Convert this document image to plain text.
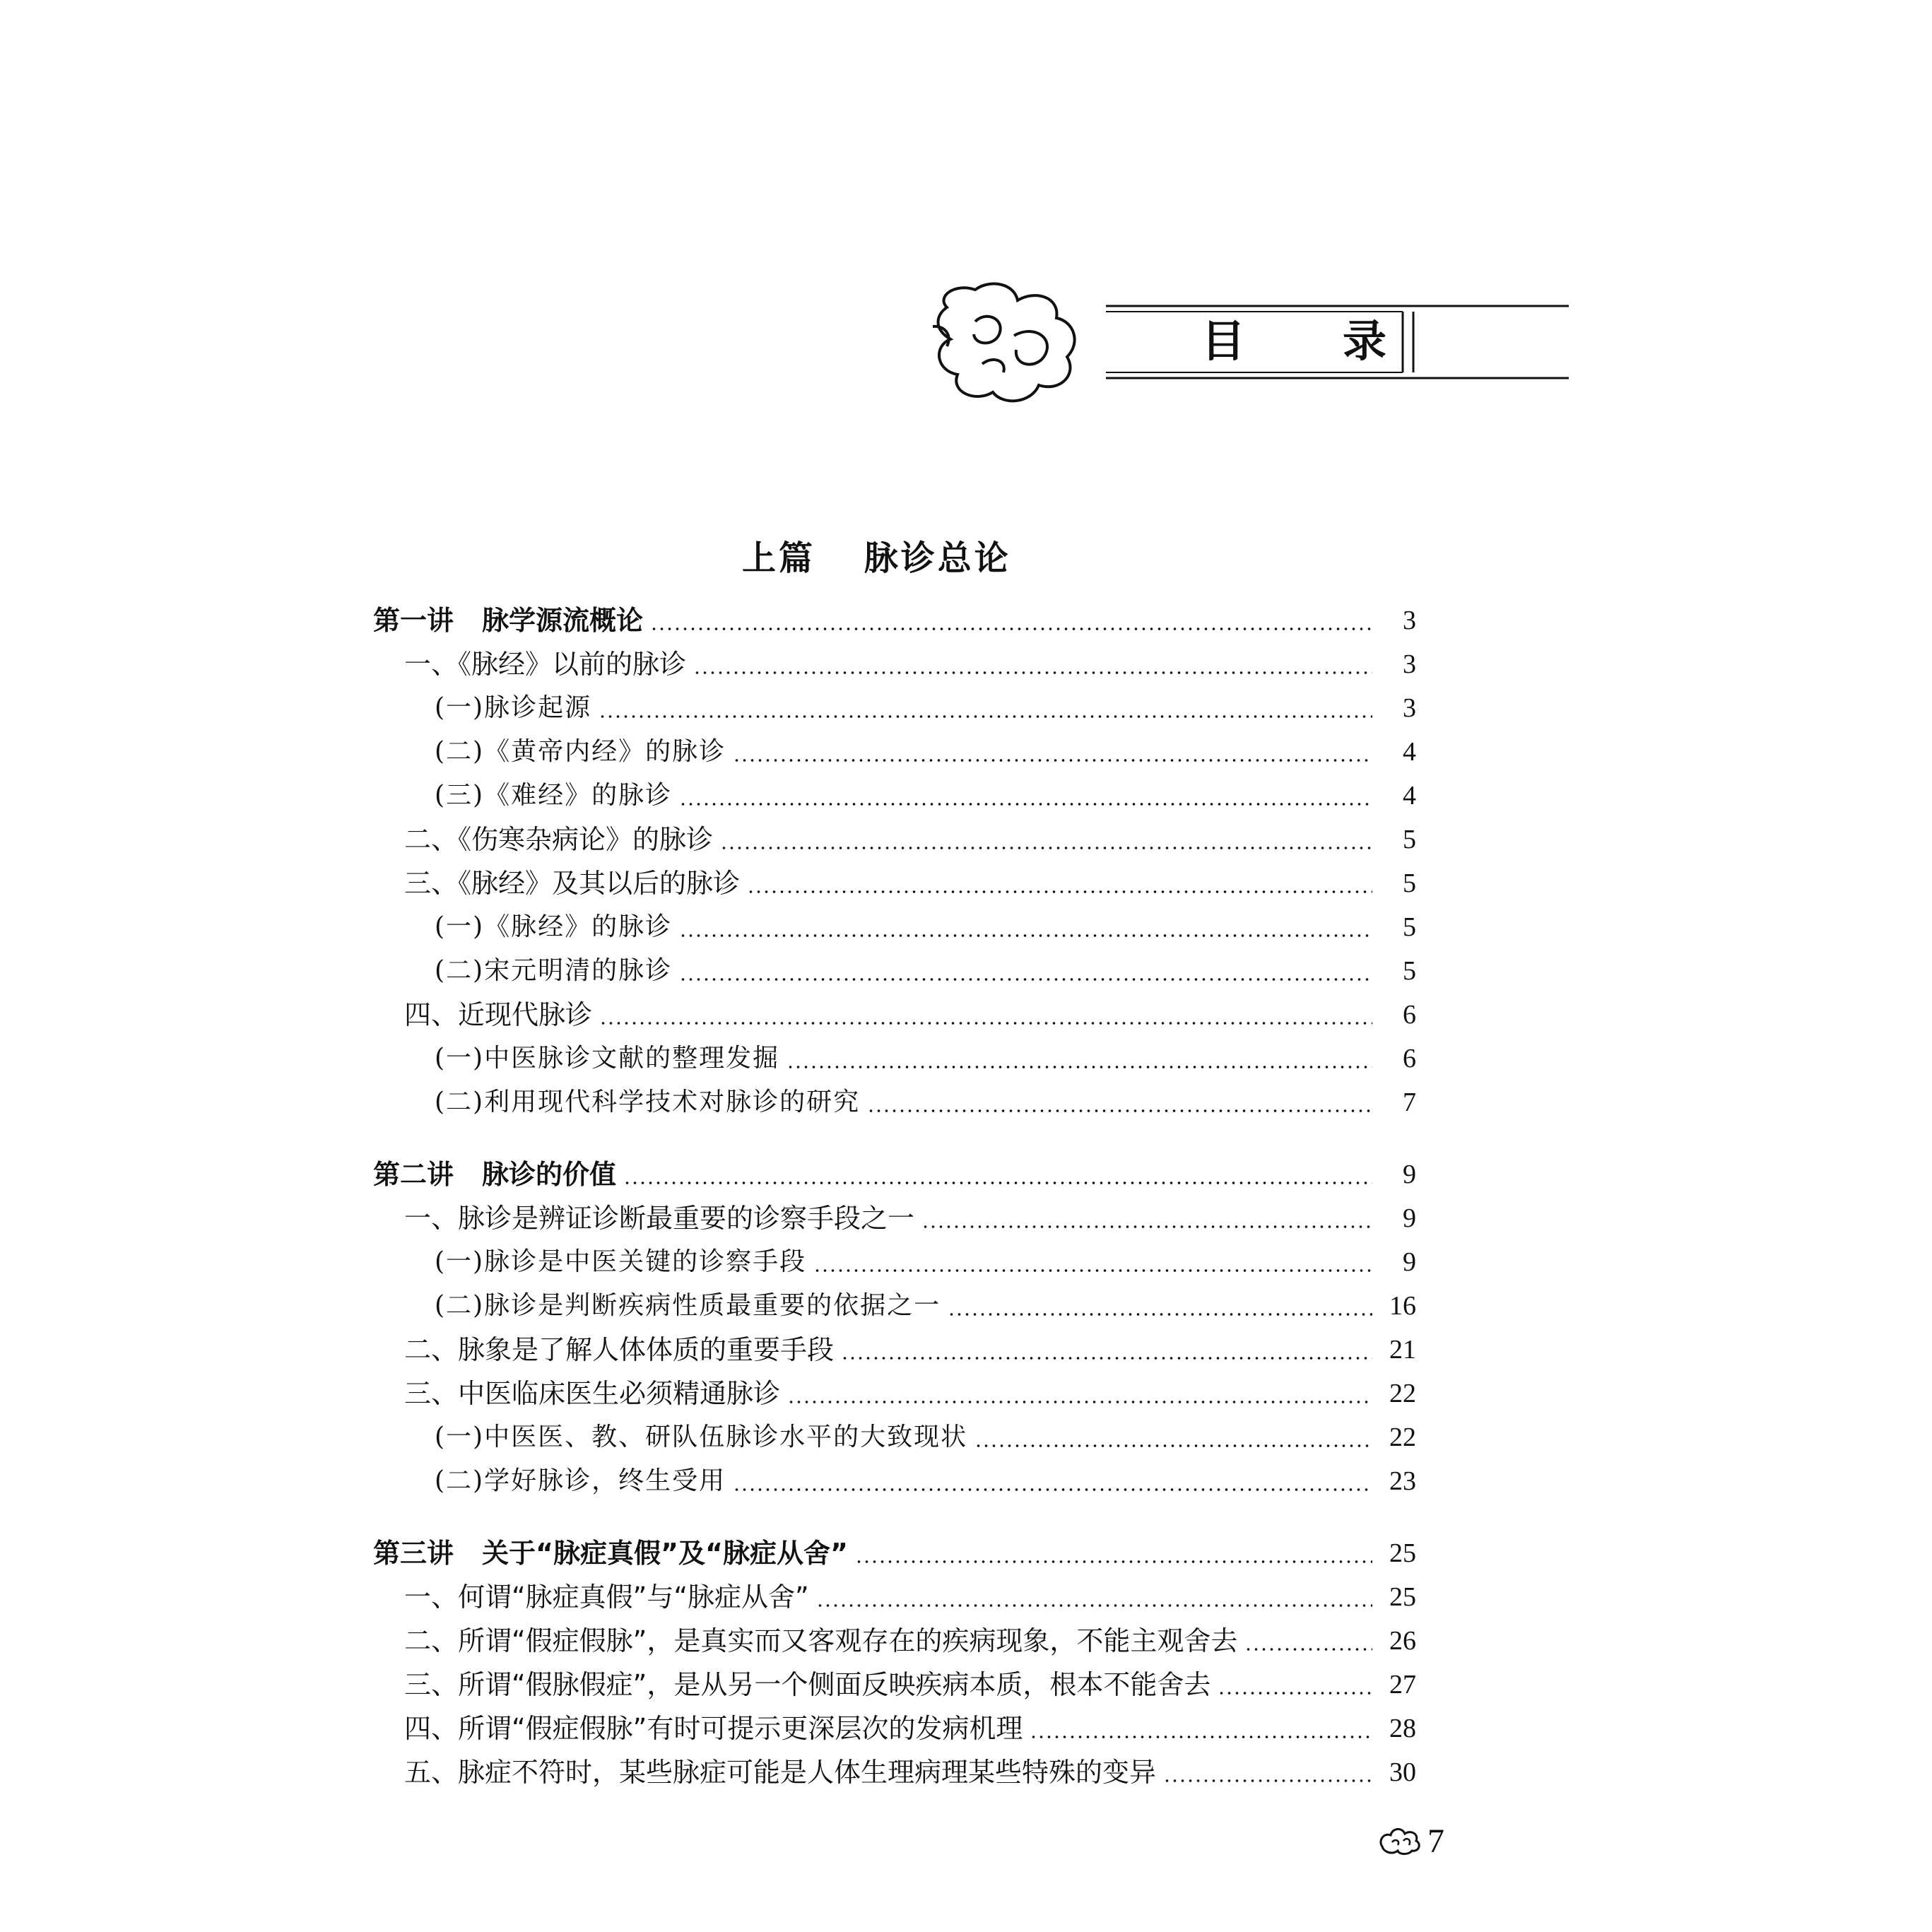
目 录
上篇 脉诊总论
第一讲 脉学源流概论	3
一、《脉经》以前的脉诊	3
(一)脉诊起源	3
(二)《黄帝内经》的脉诊	4
(三)《难经》的脉诊	4
二、《伤寒杂病论》的脉诊	5
三、《脉经》及其以后的脉诊	5
(一)《脉经》的脉诊	5
(二)宋元明清的脉诊	5
四、近现代脉诊	6
(一)中医脉诊文献的整理发掘	6
(二)利用现代科学技术对脉诊的研究	7
第二讲 脉诊的价值	9
一、脉诊是辨证诊断最重要的诊察手段之一	9
(一)脉诊是中医关键的诊察手段	9
(二)脉诊是判断疾病性质最重要的依据之一	16
二、脉象是了解人体体质的重要手段	21
三、中医临床医生必须精通脉诊	22
(一)中医医、教、研队伍脉诊水平的大致现状	22
(二)学好脉诊，终生受用	23
第三讲 关于“脉症真假”及“脉症从舍”	25
一、何谓“脉症真假”与“脉症从舍”	25
二、所谓“假症假脉”，是真实而又客观存在的疾病现象，不能主观舍去	26
三、所谓“假脉假症”，是从另一个侧面反映疾病本质，根本不能舍去	27
四、所谓“假症假脉”有时可提示更深层次的发病机理	28
五、脉症不符时，某些脉症可能是人体生理病理某些特殊的变异	30
7
